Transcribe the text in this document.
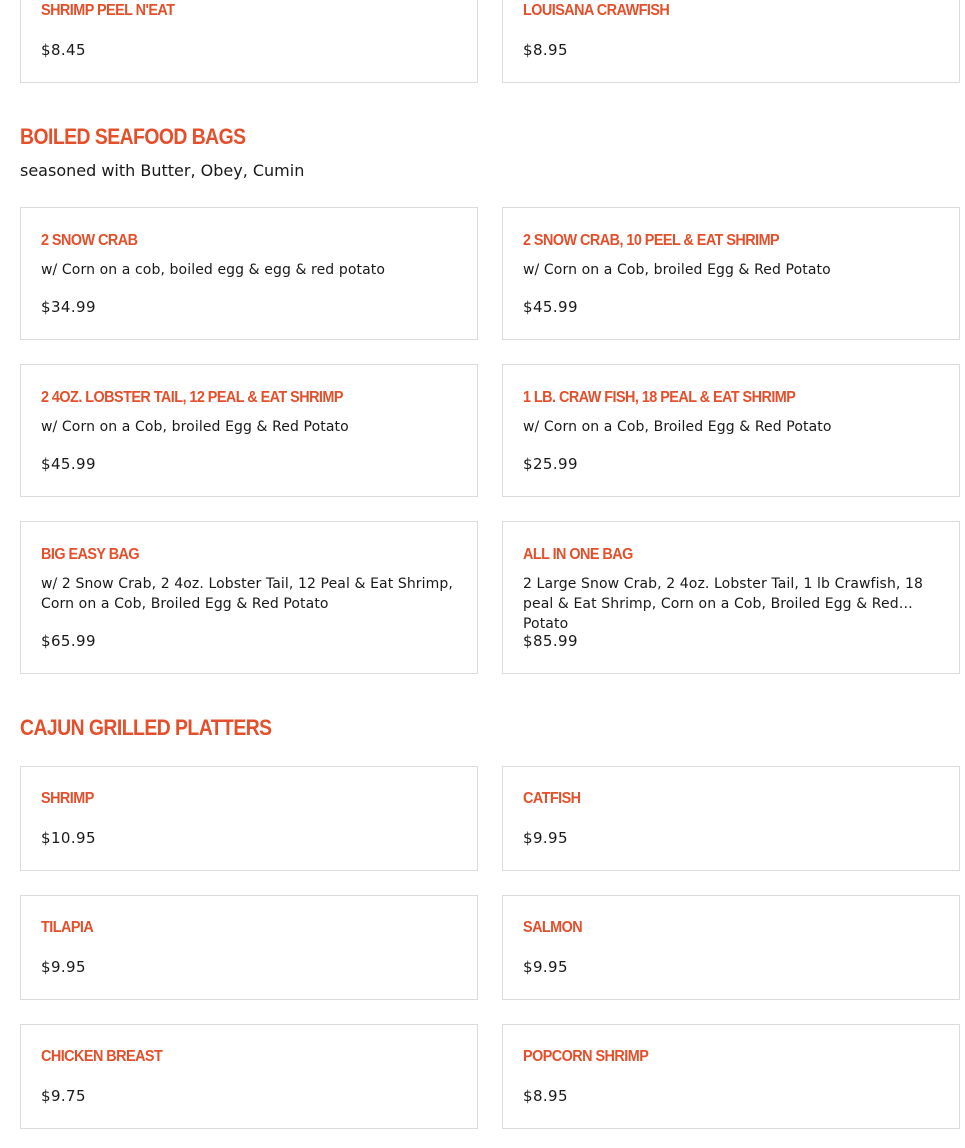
SHRIMP PEEL N'EAT
$8.45
LOUISANA CRAWFISH
$8.95
BOILED SEAFOOD BAGS
seasoned with Butter, Obey, Cumin
2 SNOW CRAB
w/ Corn on a cob, boiled egg & egg & red potato
$34.99
2 SNOW CRAB, 10 PEEL & EAT SHRIMP
w/ Corn on a Cob, broiled Egg & Red Potato
$45.99
2 4OZ. LOBSTER TAIL, 12 PEAL & EAT SHRIMP
w/ Corn on a Cob, broiled Egg & Red Potato
$45.99
1 LB. CRAW FISH, 18 PEAL & EAT SHRIMP
w/ Corn on a Cob, Broiled Egg & Red Potato
$25.99
BIG EASY BAG
w/ 2 Snow Crab, 2 4oz. Lobster Tail, 12 Peal & Eat Shrimp, Corn on a Cob, Broiled Egg & Red Potato
$65.99
ALL IN ONE BAG
2 Large Snow Crab, 2 4oz. Lobster Tail, 1 lb Crawfish, 18 peal & Eat Shrimp, Corn on a Cob, Broiled Egg & Red Potato
$85.99
CAJUN GRILLED PLATTERS
SHRIMP
$10.95
CATFISH
$9.95
TILAPIA
$9.95
SALMON
$9.95
CHICKEN BREAST
$9.75
POPCORN SHRIMP
$8.95
